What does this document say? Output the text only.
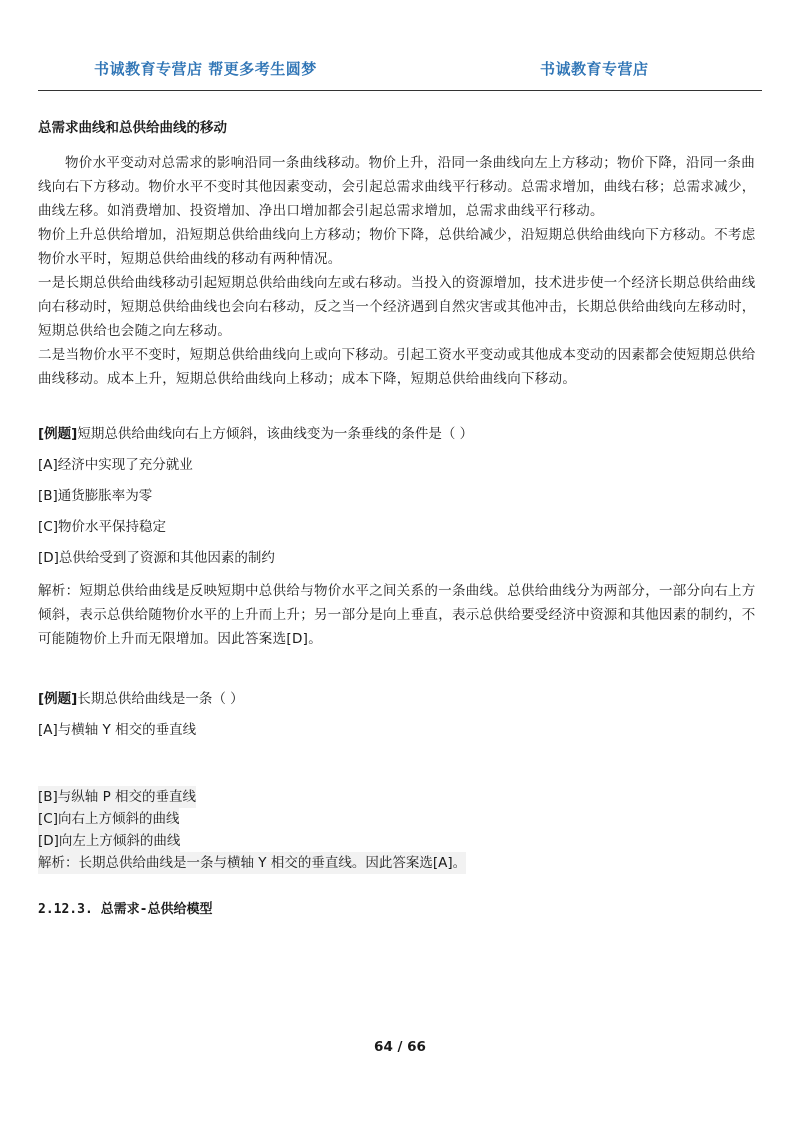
书诚教育专营店 帮更多考生圆梦	书诚教育专营店
总需求曲线和总供给曲线的移动

物价水平变动对总需求的影响沿同一条曲线移动。物价上升，沿同一条曲线向左上方移动；物价下降，沿同一条曲线向右下方移动。物价水平不变时其他因素变动，会引起总需求曲线平行移动。总需求增加，曲线右移；总需求减少，曲线左移。如消费增加、投资增加、净出口增加都会引起总需求增加，总需求曲线平行移动。

物价上升总供给增加，沿短期总供给曲线向上方移动；物价下降，总供给减少，沿短期总供给曲线向下方移动。不考虑物价水平时，短期总供给曲线的移动有两种情况。

一是长期总供给曲线移动引起短期总供给曲线向左或右移动。当投入的资源增加，技术进步使一个经济长期总供给曲线向右移动时，短期总供给曲线也会向右移动，反之当一个经济遇到自然灾害或其他冲击，长期总供给曲线向左移动时，短期总供给也会随之向左移动。

二是当物价水平不变时，短期总供给曲线向上或向下移动。引起工资水平变动或其他成本变动的因素都会使短期总供给曲线移动。成本上升，短期总供给曲线向上移动；成本下降，短期总供给曲线向下移动。

[例题]短期总供给曲线向右上方倾斜，该曲线变为一条垂线的条件是（ ）
[A]经济中实现了充分就业
[B]通货膨胀率为零
[C]物价水平保持稳定
[D]总供给受到了资源和其他因素的制约

解析：短期总供给曲线是反映短期中总供给与物价水平之间关系的一条曲线。总供给曲线分为两部分，一部分向右上方倾斜，表示总供给随物价水平的上升而上升；另一部分是向上垂直，表示总供给要受经济中资源和其他因素的制约，不可能随物价上升而无限增加。因此答案选[D]。

[例题]长期总供给曲线是一条（ ）
[A]与横轴 Y 相交的垂直线
[B]与纵轴 P 相交的垂直线
[C]向右上方倾斜的曲线
[D]向左上方倾斜的曲线
解析：长期总供给曲线是一条与横轴 Y 相交的垂直线。因此答案选[A]。
2.12.3. 总需求-总供给模型
64 / 66
